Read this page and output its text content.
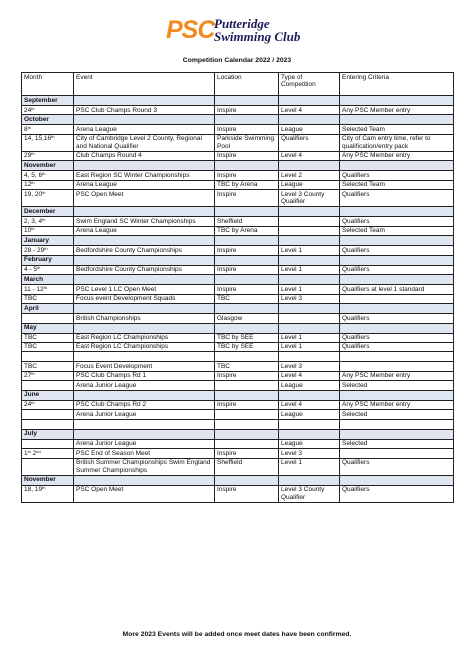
PSC Putteridge
Swimming Club
Competition Calendar 2022 / 2023
Month	Event	Location	Type of Competition	Entering Criteria
September				
24th	PSC Club Champs Round 3	Inspire	Level 4	Any PSC Member entry
October				
8th	Arena League	Inspire	League	Selected Team
14, 15,16th	City of Cambridge Level 2 County, Regional and National Qualifier	Parkside Swimming Pool	Qualifiers	City of Cam entry time, refer to qualification/entry pack
29th	Club Champs Round 4	Inspire	Level 4	Any PSC Member entry
November				
4, 5, 6th	East Region SC Winter Championships	Inspire	Level 2	Qualifiers
12th	Arena League	TBC by Arena	League	Selected Team
19, 20th	PSC Open Meet	Inspire	Level 3 County Qualifier	Qualifiers
December				
2, 3, 4th	Swim England SC Winter Championships	Sheffield		Qualifiers
10th	Arena League	TBC by Arena		Selected Team
January				
28 - 29th	Bedfordshire County Championships	Inspire	Level 1	Qualifiers
February				
4 - 5th	Bedfordshire County Championships	Inspire	Level 1	Qualifiers
March				
11 - 12th	PSC Level 1 LC Open Meet	Inspire	Level 1	Qualifiers at level 1 standard
TBC	Focus event Development Squads	TBC	Level 3	
April				
	British Championships	Glasgow		Qualifiers
May				
TBC	East Region LC Championships	TBC by SEE	Level 1	Qualifiers
TBC	East Region LC Championships	TBC by SEE	Level 1	Qualifiers

TBC	Focus Event Development	TBC	Level 3	
27th	PSC Club Champs Rd 1	Inspire	Level 4	Any PSC Member entry
	Arena Junior League		League	Selected
June				
24th	PSC Club Champs Rd 2	Inspire	Level 4	Any PSC Member entry
	Arena Junior League		League	Selected

July				
	Arena Junior League		League	Selected
1st 2nd	PSC End of Season Meet	Inspire	Level 3	
	British Summer Championships Swim England Summer Championships	Sheffield	Level 1	Qualifiers
November				
18, 19th	PSC Open Meet	Inspire	Level 3 County Qualifier	Qualifiers
More 2023 Events will be added once meet dates have been confirmed.
